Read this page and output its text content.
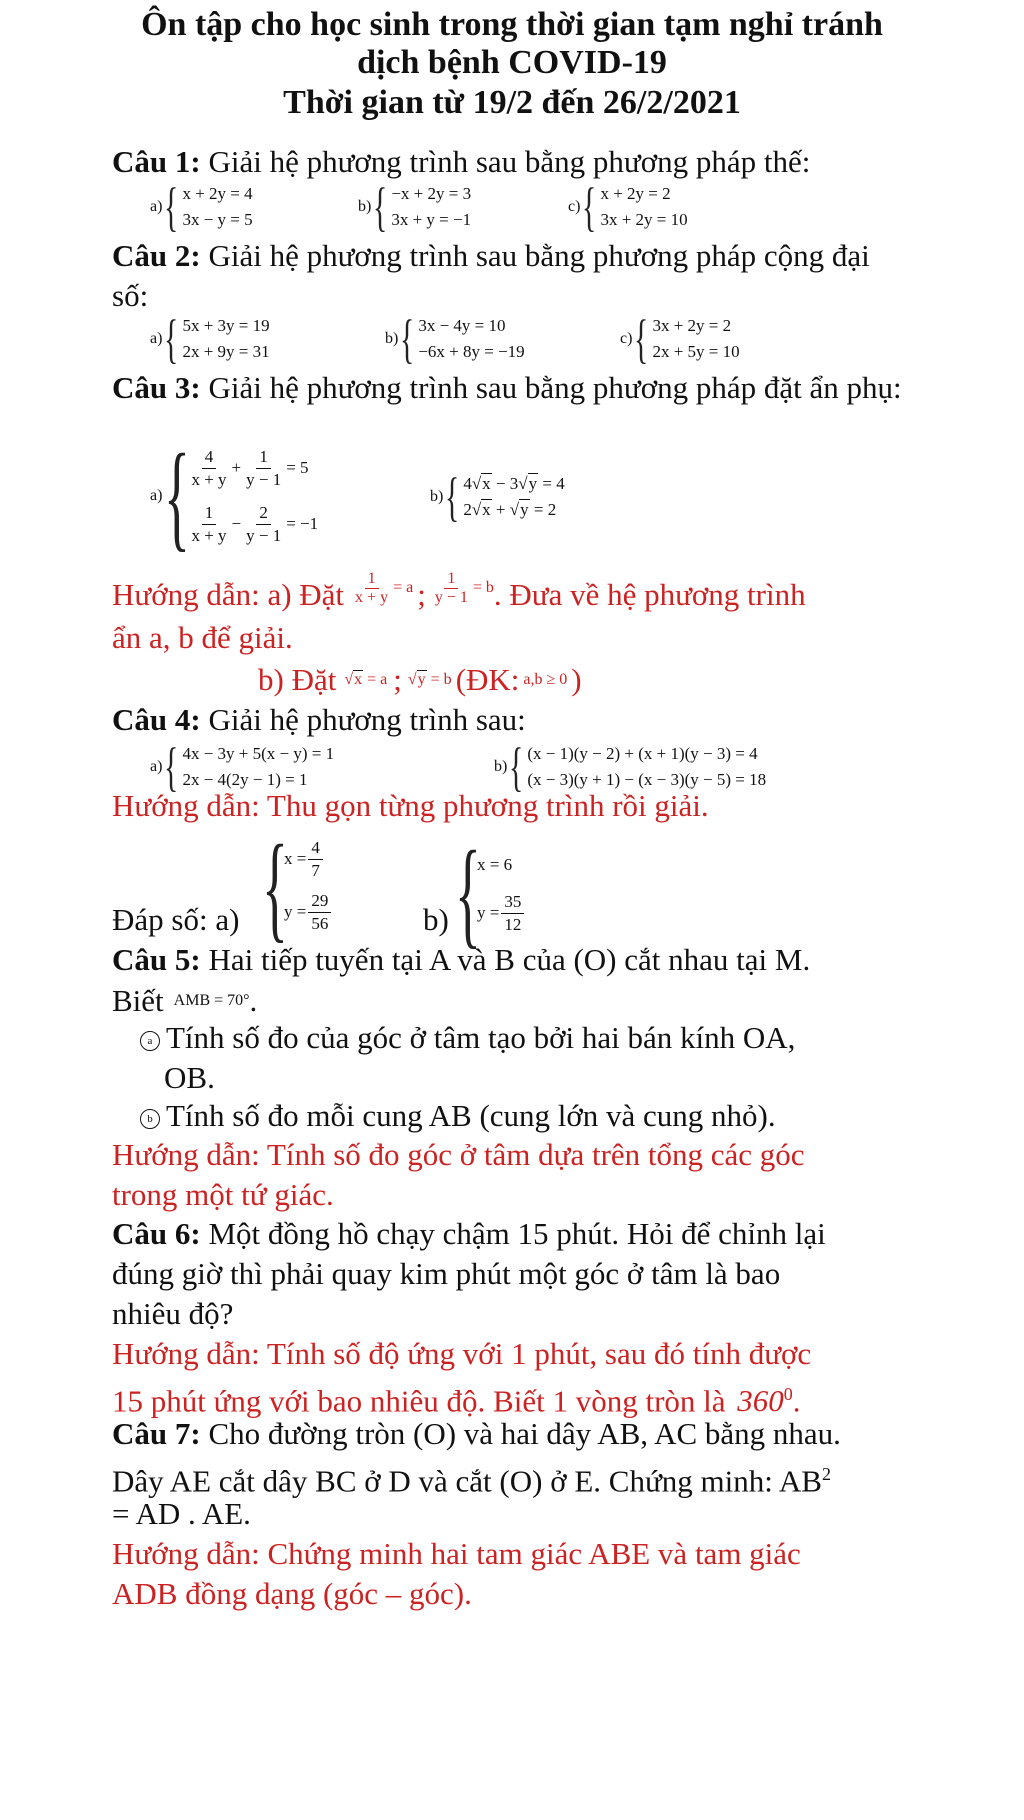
Ôn tập cho học sinh trong thời gian tạm nghỉ tránh
dịch bệnh COVID-19
Thời gian từ 19/2 đến 26/2/2021
Câu 1: Giải hệ phương trình sau bằng phương pháp thế:
a) { x + 2y = 4
3x − y = 5
b) { −x + 2y = 3
3x + y = −1
c) { x + 2y = 2
3x + 2y = 10
Câu 2: Giải hệ phương trình sau bằng phương pháp cộng đại số:
a) { 5x + 3y = 19
2x + 9y = 31
b) { 3x − 4y = 10
−6x + 8y = −19
c) { 3x + 2y = 2
2x + 5y = 10
Câu 3: Giải hệ phương trình sau bằng phương pháp đặt ẩn phụ:
a) {
$\frac{4}{x + y} + \frac{1}{y - 1} = 5$
$\frac{1}{x + y} - \frac{2}{y - 1} = -1$
b) { 4√x − 3√y = 4
2√x + √y = 2
Hướng dẫn: a) Đặt $\frac{1}{x + y} = a$ ; $\frac{1}{y - 1} = b$ . Đưa về hệ phương trình
ẩn a, b để giải.
b) Đặt √x = a ; √y = b (ĐK: a,b ≥ 0 )
Câu 4: Giải hệ phương trình sau:
a) { 4x − 3y + 5(x − y) = 1
2x − 4(2y − 1) = 1
b) { (x − 1)(y − 2) + (x + 1)(y − 3) = 4
(x − 3)(y + 1) − (x − 3)(y − 5) = 18
Hướng dẫn: Thu gọn từng phương trình rồi giải.
Đáp số: a) {
$x = \frac{4}{7}$
$y = \frac{29}{56}$	b) {
x = 6
$y = \frac{35}{12}$
Câu 5: Hai tiếp tuyến tại A và B của (O) cắt nhau tại M.
Biết AMB = 70° .
a Tính số đo của góc ở tâm tạo bởi hai bán kính OA,
OB.
b Tính số đo mỗi cung AB (cung lớn và cung nhỏ).
Hướng dẫn: Tính số đo góc ở tâm dựa trên tổng các góc
trong một tứ giác.
Câu 6: Một đồng hồ chạy chậm 15 phút. Hỏi để chỉnh lại
đúng giờ thì phải quay kim phút một góc ở tâm là bao
nhiêu độ?
Hướng dẫn: Tính số độ ứng với 1 phút, sau đó tính được
15 phút ứng với bao nhiêu độ. Biết 1 vòng tròn là $360^0$.
Câu 7: Cho đường tròn (O) và hai dây AB, AC bằng nhau.
Dây AE cắt dây BC ở D và cắt (O) ở E. Chứng minh: $AB^2$
= AD . AE.
Hướng dẫn: Chứng minh hai tam giác ABE và tam giác
ADB đồng dạng (góc – góc).
